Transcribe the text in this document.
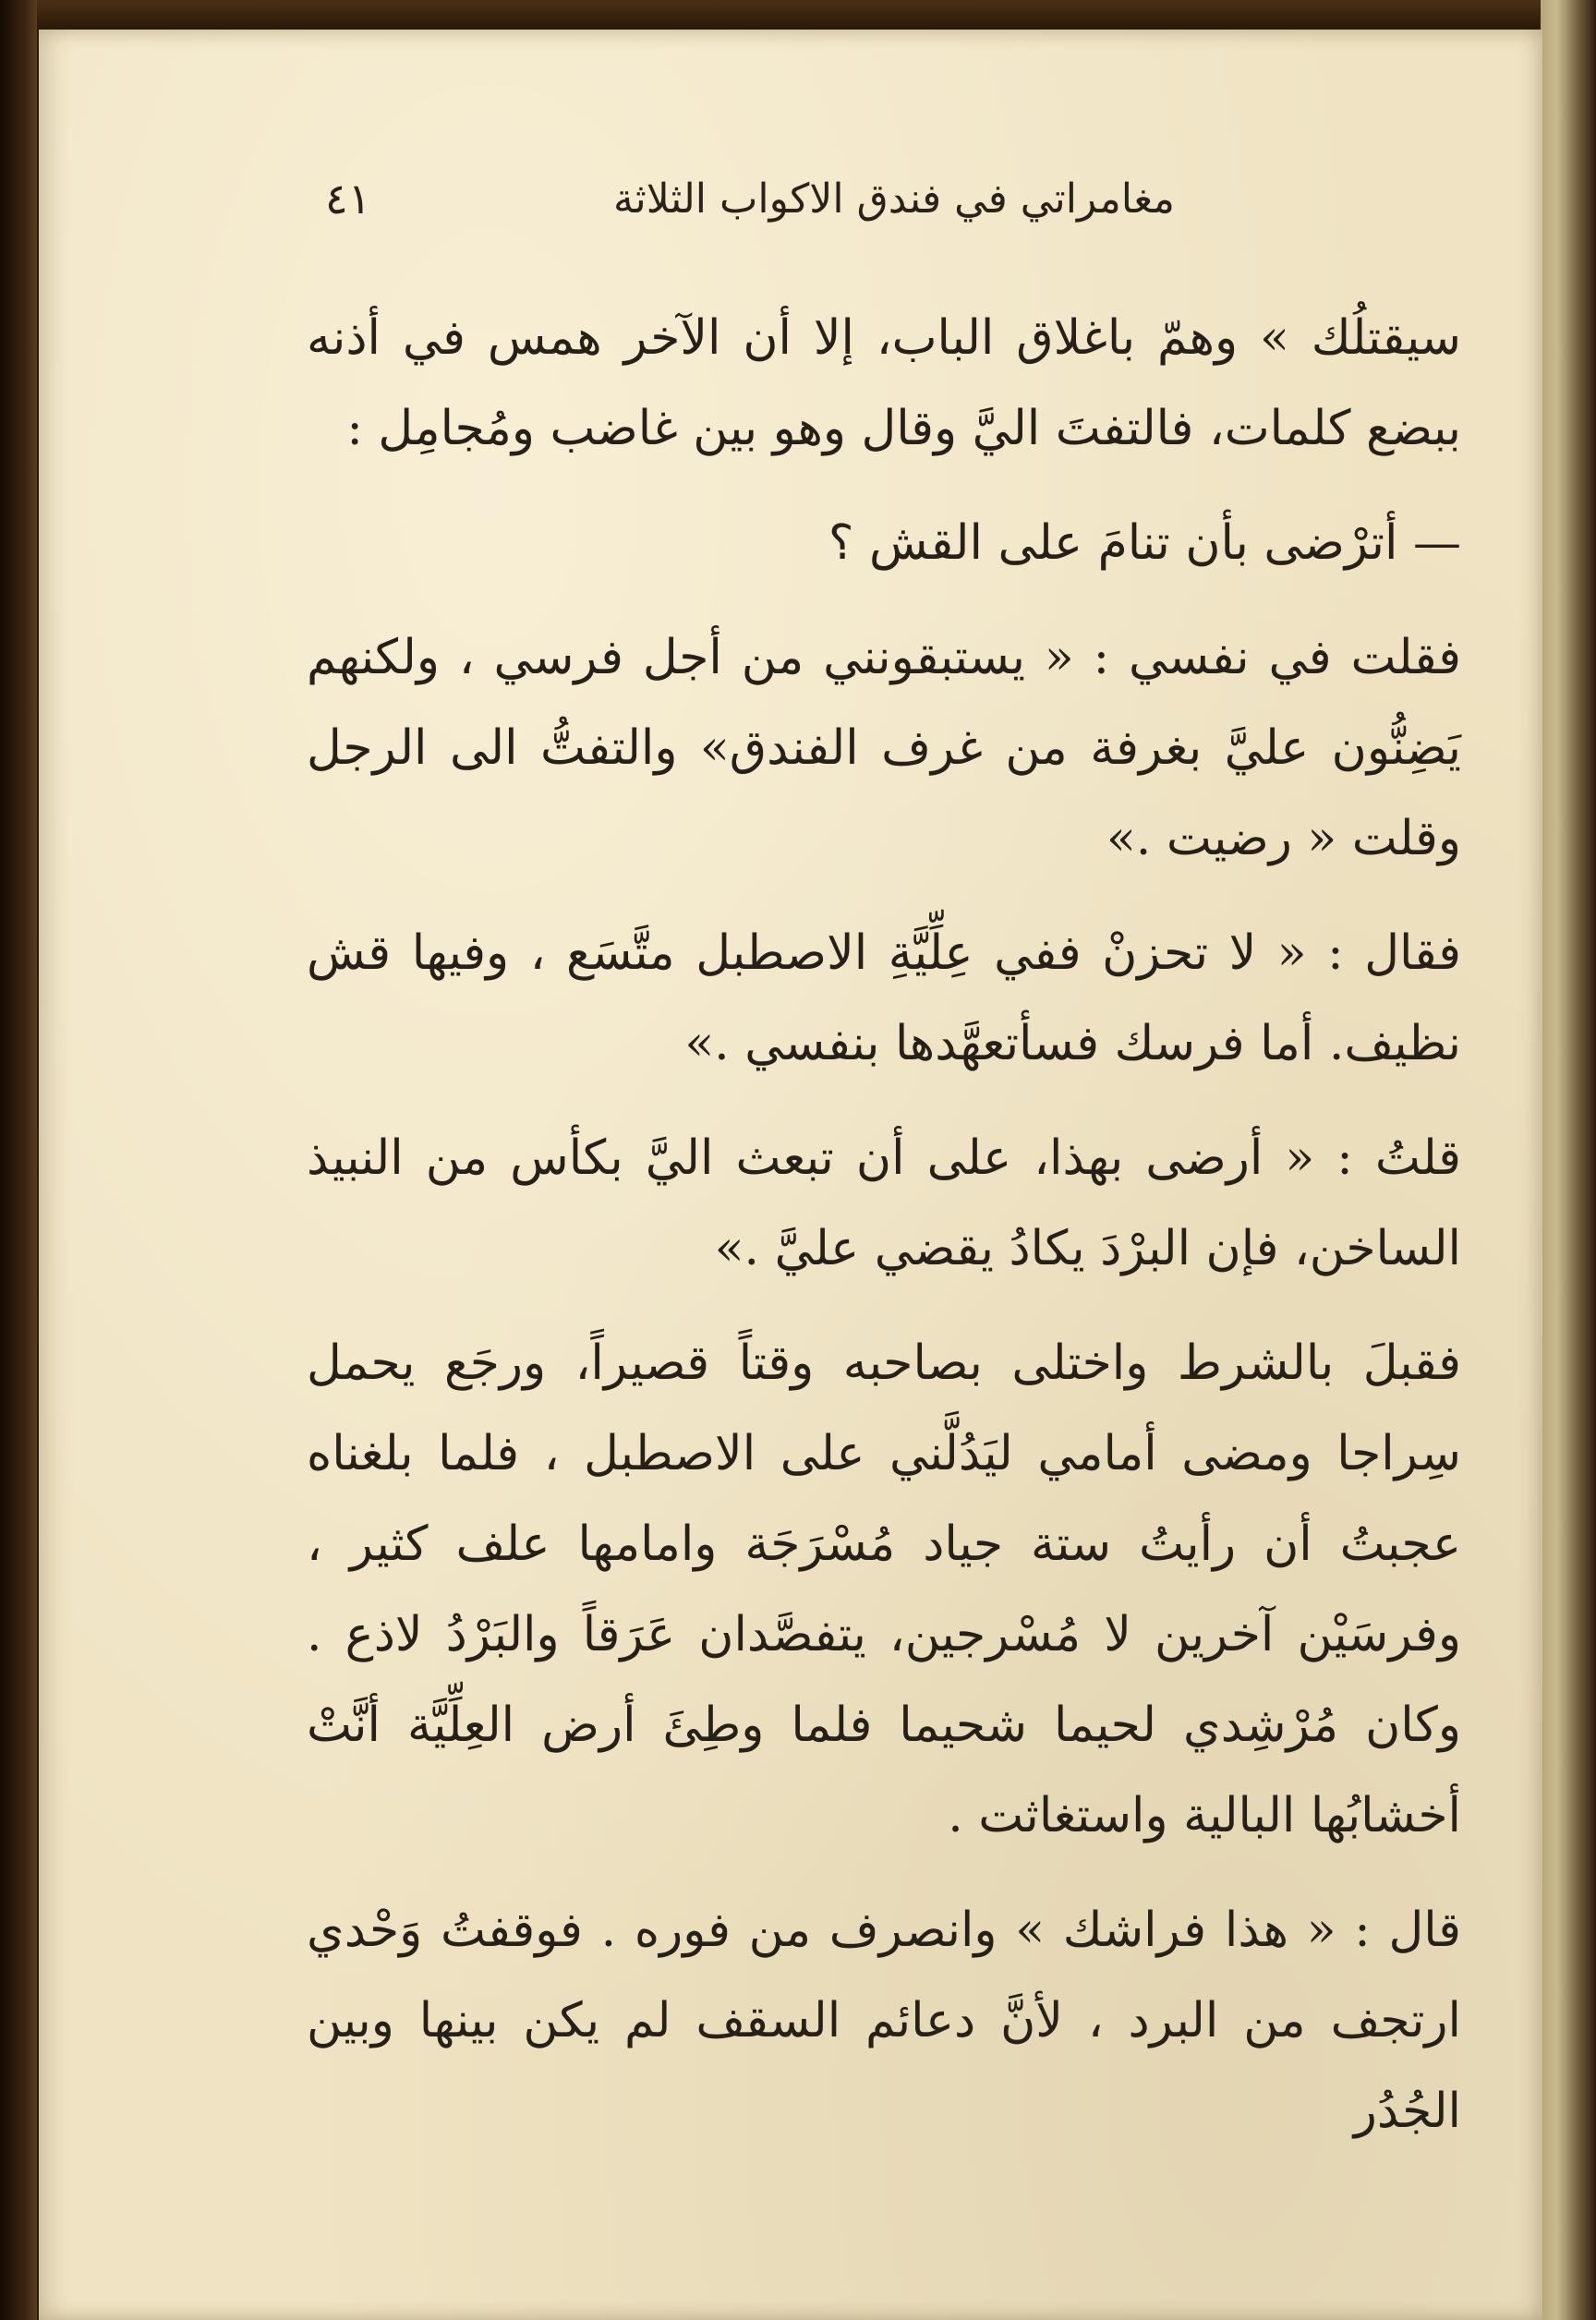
مغامراتي في فندق الاكواب الثلاثة
٤١

سيقتلُك » وهمّ باغلاق الباب، إلا أن الآخر همس في أذنه ببضع كلمات، فالتفتَ اليَّ وقال وهو بين غاضب ومُجامِل :

— أترْضى بأن تنامَ على القش ؟

فقلت في نفسي : « يستبقونني من أجل فرسي ، ولكنهم يَضِنُّون عليَّ بغرفة من غرف الفندق» والتفتُّ الى الرجل وقلت « رضيت .»

فقال : « لا تحزنْ ففي عِلِّيَّةِ الاصطبل متَّسَع ، وفيها قش نظيف. أما فرسك فسأتعهَّدها بنفسي .»

قلتُ : « أرضى بهذا، على أن تبعث اليَّ بكأس من النبيذ الساخن، فإن البرْدَ يكادُ يقضي عليَّ .»

فقبلَ بالشرط واختلى بصاحبه وقتاً قصيراً، ورجَع يحمل سِراجا ومضى أمامي ليَدُلَّني على الاصطبل ، فلما بلغناه عجبتُ أن رأيتُ ستة جياد مُسْرَجَة وامامها علف كثير ، وفرسَيْن آخرين لا مُسْرجين، يتفصَّدان عَرَقاً والبَرْدُ لاذع . وكان مُرْشِدي لحيما شحيما فلما وطِئَ أرض العِلِّيَّة أنَّتْ أخشابُها البالية واستغاثت .

قال : « هذا فراشك » وانصرف من فوره . فوقفتُ وَحْدي ارتجف من البرد ، لأنَّ دعائم السقف لم يكن بينها وبين الجُدُر
